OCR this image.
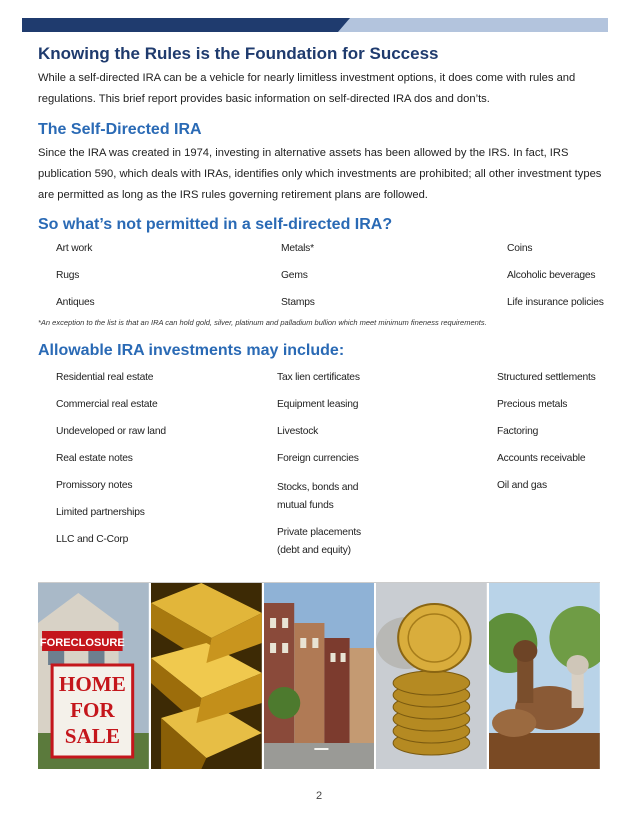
Knowing the Rules is the Foundation for Success

While a self-directed IRA can be a vehicle for nearly limitless investment options, it does come with rules and regulations. This brief report provides basic information on self-directed IRA dos and don’ts.

The Self-Directed IRA

Since the IRA was created in 1974, investing in alternative assets has been allowed by the IRS. In fact, IRS publication 590, which deals with IRAs, identifies only which investments are prohibited; all other investment types are permitted as long as the IRS rules governing retirement plans are followed.

So what’s not permitted in a self-directed IRA?
Art work
Rugs
Antiques
Metals*
Gems
Stamps
Coins
Alcoholic beverages
Life insurance policies
*An exception to the list is that an IRA can hold gold, silver, platinum and palladium bullion which meet minimum fineness requirements.
Allowable IRA investments may include:
Residential real estate
Commercial real estate
Undeveloped or raw land
Real estate notes
Promissory notes
Limited partnerships
LLC and C-Corp
Tax lien certificates
Equipment leasing
Livestock
Foreign currencies
Stocks, bonds and mutual funds
Private placements (debt and equity)
Structured settlements
Precious metals
Factoring
Accounts receivable
Oil and gas
FORECLOSURE
HOME
FOR
SALE
2
